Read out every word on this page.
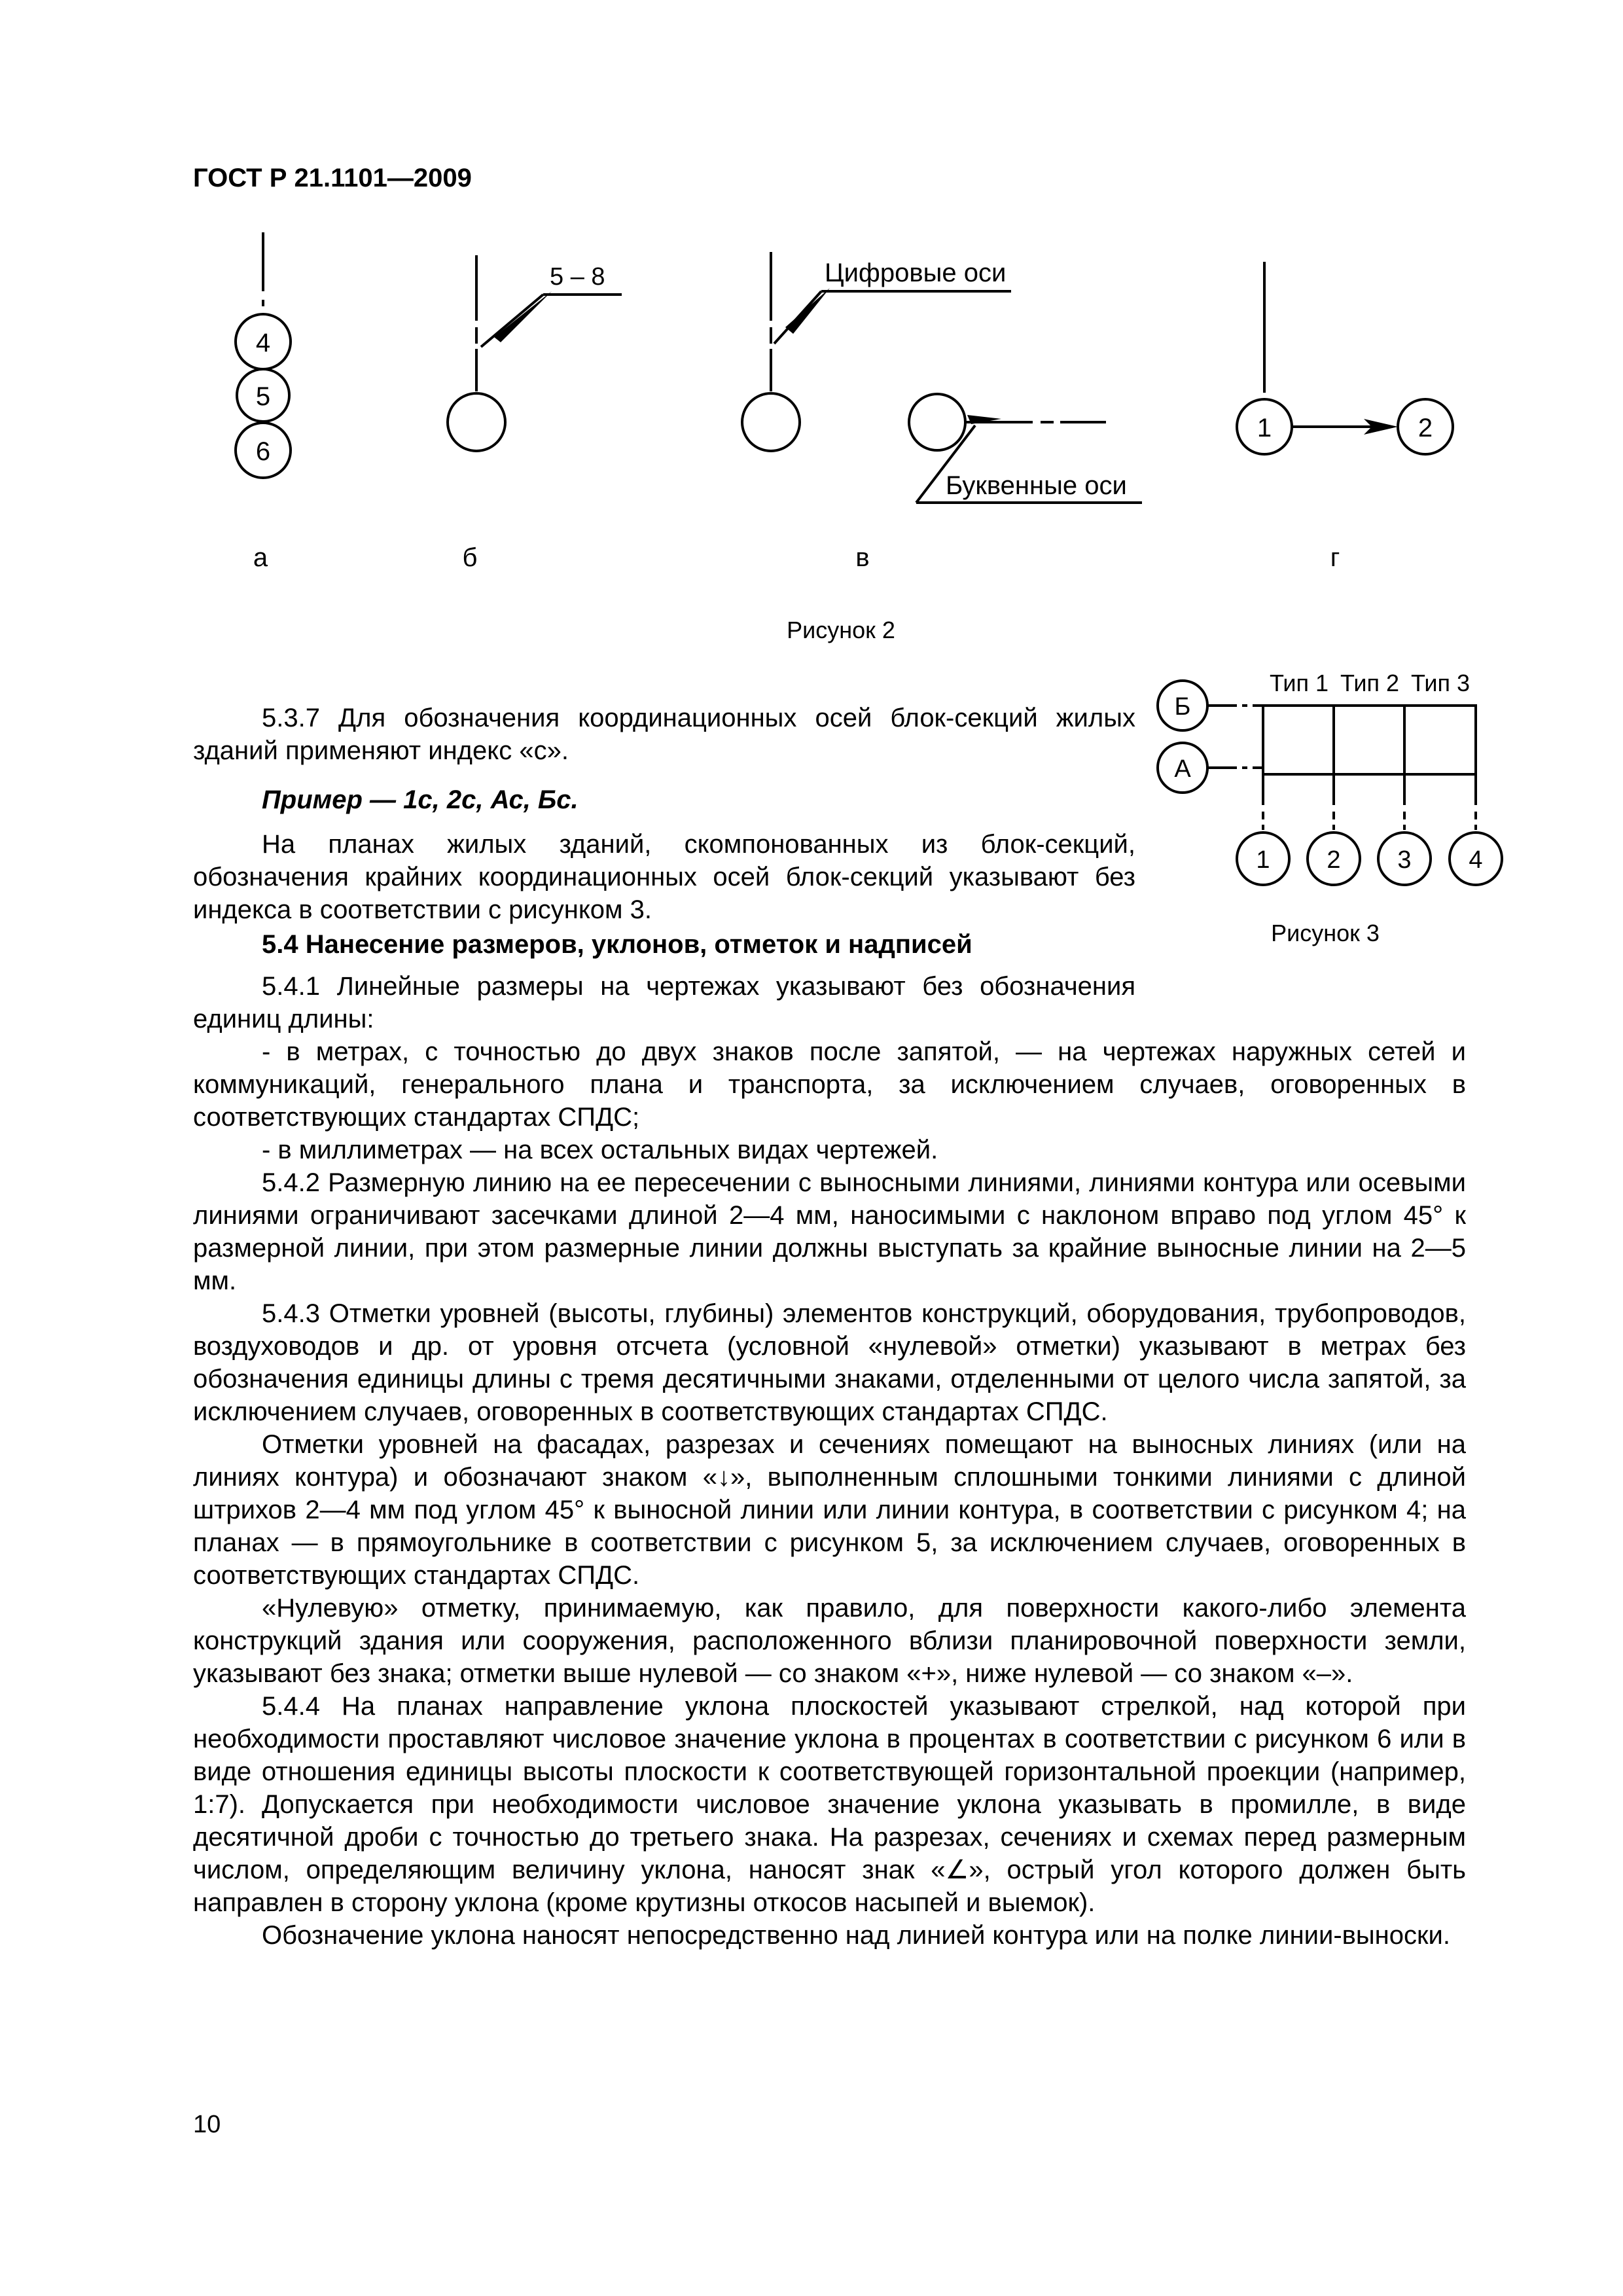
ГОСТ Р 21.1101—2009
4
5
6
5 – 8	Цифровые оси
Буквенные оси
1	2
а	б	в	г
Рисунок 2
Тип 1 Тип 2 Тип 3
Б
А
1 2 3 4
Рисунок 3
5.3.7 Для обозначения координационных осей блок-секций жилых зданий применяют индекс «с».
Пример — 1с, 2с, Ас, Бс.
На планах жилых зданий, скомпонованных из блок-секций, обозначения крайних координационных осей блок-секций указывают без индекса в соответствии с рисунком 3.
5.4 Нанесение размеров, уклонов, отметок и надписей
5.4.1 Линейные размеры на чертежах указывают без обозначения единиц длины:
- в метрах, с точностью до двух знаков после запятой, — на чертежах наружных сетей и коммуникаций, генерального плана и транспорта, за исключением случаев, оговоренных в соответствующих стандартах СПДС;
- в миллиметрах — на всех остальных видах чертежей.
5.4.2 Размерную линию на ее пересечении с выносными линиями, линиями контура или осевыми линиями ограничивают засечками длиной 2—4 мм, наносимыми с наклоном вправо под углом 45° к размерной линии, при этом размерные линии должны выступать за крайние выносные линии на 2—5 мм.
5.4.3 Отметки уровней (высоты, глубины) элементов конструкций, оборудования, трубопроводов, воздуховодов и др. от уровня отсчета (условной «нулевой» отметки) указывают в метрах без обозначения единицы длины с тремя десятичными знаками, отделенными от целого числа запятой, за исключением случаев, оговоренных в соответствующих стандартах СПДС.
Отметки уровней на фасадах, разрезах и сечениях помещают на выносных линиях (или на линиях контура) и обозначают знаком «↓», выполненным сплошными тонкими линиями с длиной штрихов 2—4 мм под углом 45° к выносной линии или линии контура, в соответствии с рисунком 4; на планах — в прямоугольнике в соответствии с рисунком 5, за исключением случаев, оговоренных в соответствующих стандартах СПДС.
«Нулевую» отметку, принимаемую, как правило, для поверхности какого-либо элемента конструкций здания или сооружения, расположенного вблизи планировочной поверхности земли, указывают без знака; отметки выше нулевой — со знаком «+», ниже нулевой — со знаком «–».
5.4.4 На планах направление уклона плоскостей указывают стрелкой, над которой при необходимости проставляют числовое значение уклона в процентах в соответствии с рисунком 6 или в виде отношения единицы высоты плоскости к соответствующей горизонтальной проекции (например, 1:7). Допускается при необходимости числовое значение уклона указывать в промилле, в виде десятичной дроби с точностью до третьего знака. На разрезах, сечениях и схемах перед размерным числом, определяющим величину уклона, наносят знак «∠», острый угол которого должен быть направлен в сторону уклона (кроме крутизны откосов насыпей и выемок).
Обозначение уклона наносят непосредственно над линией контура или на полке линии-выноски.
10
